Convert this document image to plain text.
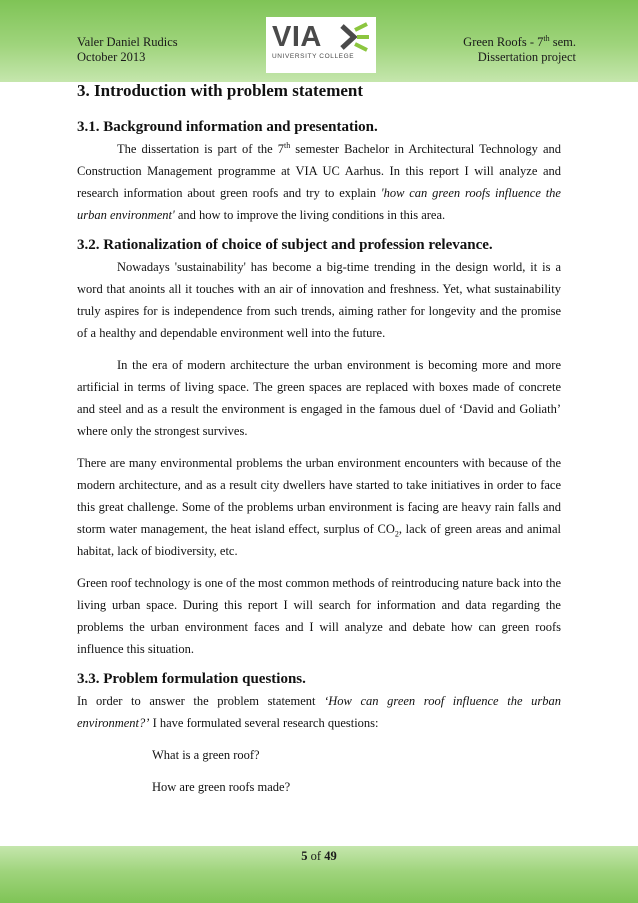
Valer Daniel Rudics
October 2013
VIA
UNIVERSITY COLLEGE
Green Roofs - 7th sem.
Dissertation project
3. Introduction with problem statement
3.1. Background information and presentation.

The dissertation is part of the 7th semester Bachelor in Architectural Technology and Construction Management programme at VIA UC Aarhus. In this report I will analyze and research information about green roofs and try to explain 'how can green roofs influence the urban environment' and how to improve the living conditions in this area.

3.2. Rationalization of choice of subject and profession relevance.

Nowadays 'sustainability' has become a big-time trending in the design world, it is a word that anoints all it touches with an air of innovation and freshness. Yet, what sustainability truly aspires for is independence from such trends, aiming rather for longevity and the promise of a healthy and dependable environment well into the future.

In the era of modern architecture the urban environment is becoming more and more artificial in terms of living space. The green spaces are replaced with boxes made of concrete and steel and as a result the environment is engaged in the famous duel of ‘David and Goliath’ where only the strongest survives.

There are many environmental problems the urban environment encounters with because of the modern architecture, and as a result city dwellers have started to take initiatives in order to face this great challenge. Some of the problems urban environment is facing are heavy rain falls and storm water management, the heat island effect, surplus of $CO_2$, lack of green areas and animal habitat, lack of biodiversity, etc.

Green roof technology is one of the most common methods of reintroducing nature back into the living urban space. During this report I will search for information and data regarding the problems the urban environment faces and I will analyze and debate how can green roofs influence this situation.

3.3. Problem formulation questions.

In order to answer the problem statement ‘How can green roof influence the urban environment?’ I have formulated several research questions:

What is a green roof?
How are green roofs made?
5 of 49
